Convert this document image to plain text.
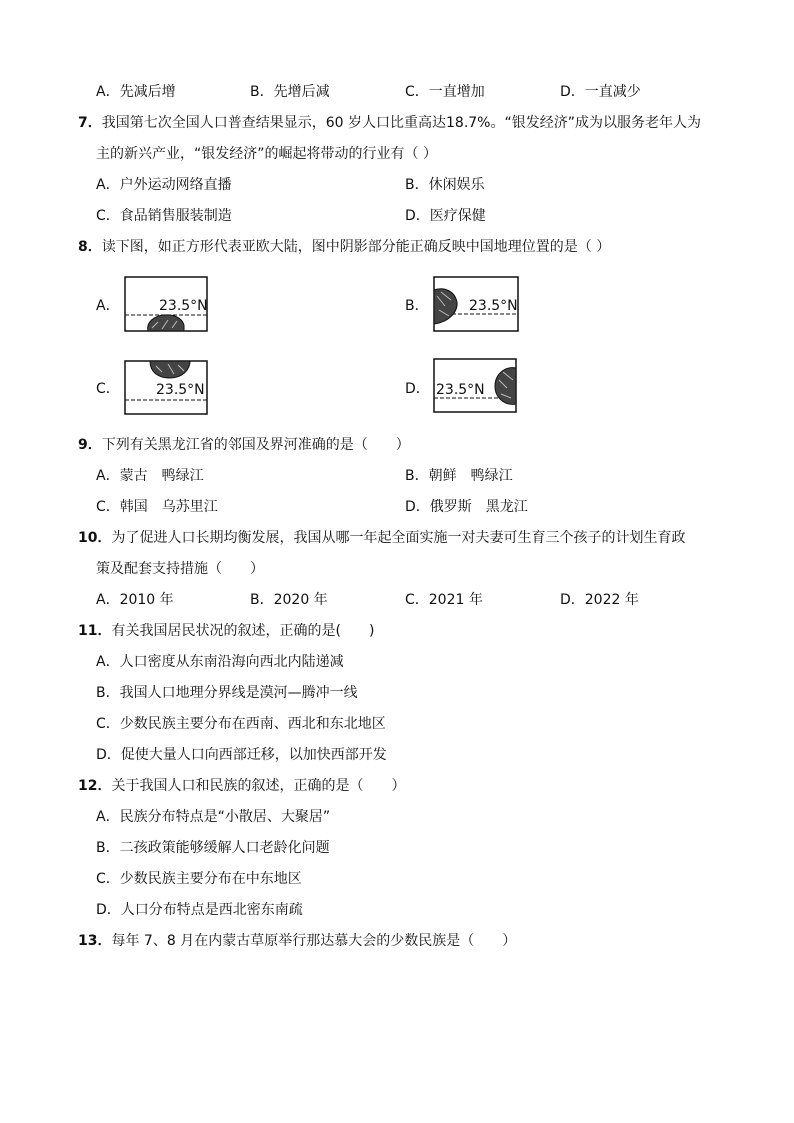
A．先减后增	B．先增后减	C．一直增加	D．一直减少
7．我国第七次全国人口普查结果显示，60 岁人口比重高达18.7%。“银发经济”成为以服务老年人为
主的新兴产业，“银发经济”的崛起将带动的行业有（ ）
A．户外运动网络直播	B．休闲娱乐
C．食品销售服装制造	D．医疗保健
8．读下图，如正方形代表亚欧大陆，图中阴影部分能正确反映中国地理位置的是（ ）
A．	23.5°N	B．	23.5°N
C．	23.5°N	D． 23.5°N
9．下列有关黑龙江省的邻国及界河准确的是（　　）
A．蒙古　鸭绿江	B．朝鲜　鸭绿江
C．韩国　乌苏里江	D．俄罗斯　黑龙江
10．为了促进人口长期均衡发展，我国从哪一年起全面实施一对夫妻可生育三个孩子的计划生育政
策及配套支持措施（　　）
A．2010 年	B．2020 年	C．2021 年	D．2022 年
11．有关我国居民状况的叙述，正确的是(　　)
A．人口密度从东南沿海向西北内陆递减
B．我国人口地理分界线是漠河—腾冲一线
C．少数民族主要分布在西南、西北和东北地区
D．促使大量人口向西部迁移，以加快西部开发
12．关于我国人口和民族的叙述，正确的是（　　）
A．民族分布特点是“小散居、大聚居”
B．二孩政策能够缓解人口老龄化问题
C．少数民族主要分布在中东地区
D．人口分布特点是西北密东南疏
13．每年 7、8 月在内蒙古草原举行那达慕大会的少数民族是（　　）
